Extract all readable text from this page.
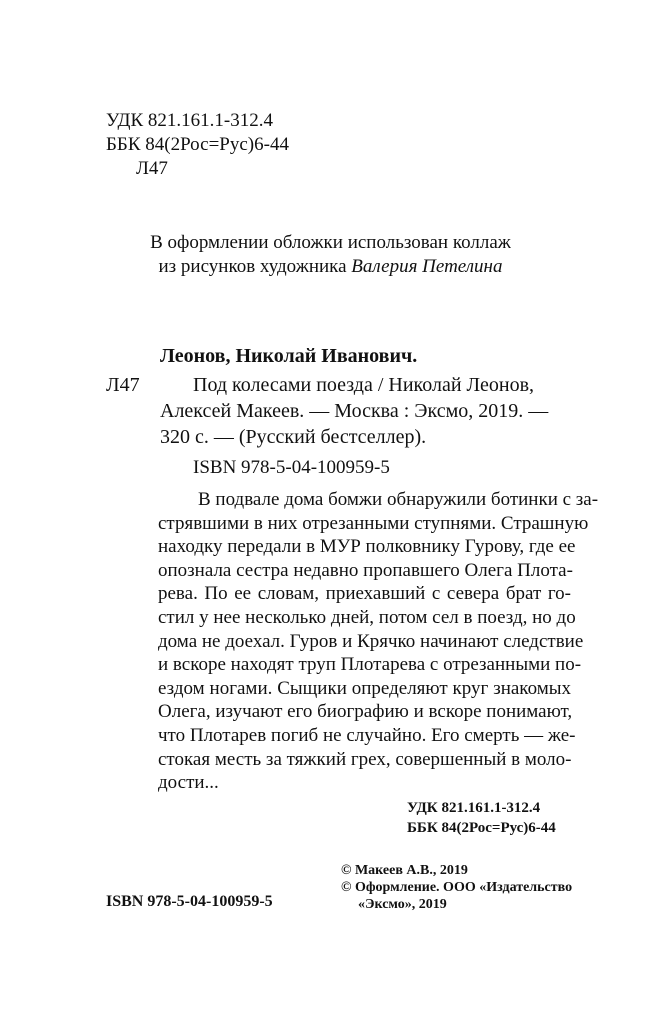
УДК 821.161.1-312.4
ББК 84(2Рос=Рус)6-44
Л47
В оформлении обложки использован коллаж
из рисунков художника Валерия Петелина
Леонов, Николай Иванович.
Л47	Под колесами поезда / Николай Леонов,
Алексей Макеев. — Москва : Эксмо, 2019. —
320 с. — (Русский бестселлер).
ISBN 978-5-04-100959-5
В подвале дома бомжи обнаружили ботинки с за-
стрявшими в них отрезанными ступнями. Страшную
находку передали в МУР полковнику Гурову, где ее
опознала сестра недавно пропавшего Олега Плота-
рева. По ее словам, приехавший с севера брат го-
стил у нее несколько дней, потом сел в поезд, но до
дома не доехал. Гуров и Крячко начинают следствие
и вскоре находят труп Плотарева с отрезанными по-
ездом ногами. Сыщики определяют круг знакомых
Олега, изучают его биографию и вскоре понимают,
что Плотарев погиб не случайно. Его смерть — же-
стокая месть за тяжкий грех, совершенный в моло-
дости...
УДК 821.161.1-312.4
ББК 84(2Рос=Рус)6-44
© Макеев А.В., 2019
© Оформление. ООО «Издательство
«Эксмо», 2019
ISBN 978-5-04-100959-5
